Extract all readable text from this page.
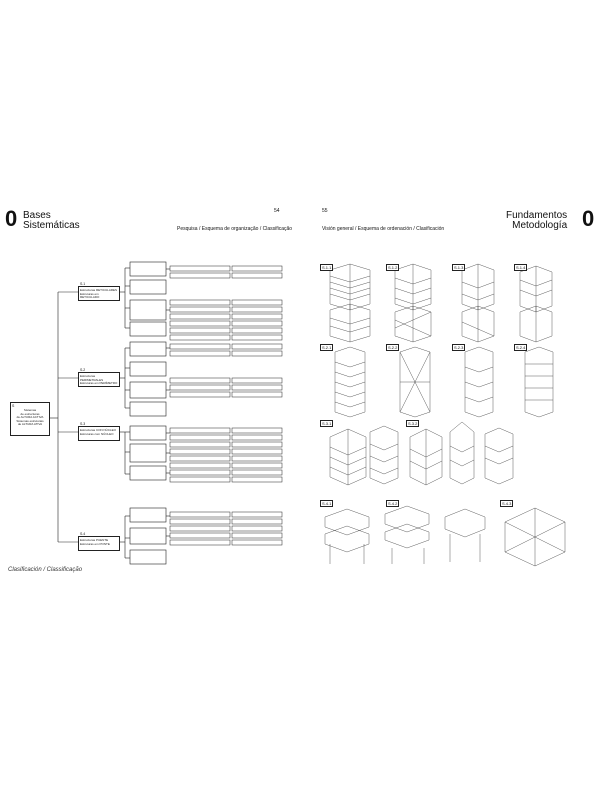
0 Bases
Sistemáticas
54
Pesquisa / Esquema de organização / Classificação
55
Visión general / Esquema de ordenación / Clasificación
Fundamentos
Metodología 0
S
Sistemas
de estructuras
de ALTURA ACTIVA
Sistemas estruturais
de ALTURA ATIVA
S.1
Estructuras RETICULARES
Estruturas em RETICULADO
S.2
Estructuras PERIMETRALES
Estruturas em PERÍMETRO
S.3
Estructuras CON NÚCLEO
Estruturas com NÚCLEO
S.4
Estructuras PUENTE
Estruturas em PONTE
S.1.1	S.1.2	S.1.3	S.1.4
S.2.1	S.2.2	S.2.3	S.2.4
S.3.1	S.3.2
S.4.1	S.4.2	S.4.3
Clasificación / Classificação
